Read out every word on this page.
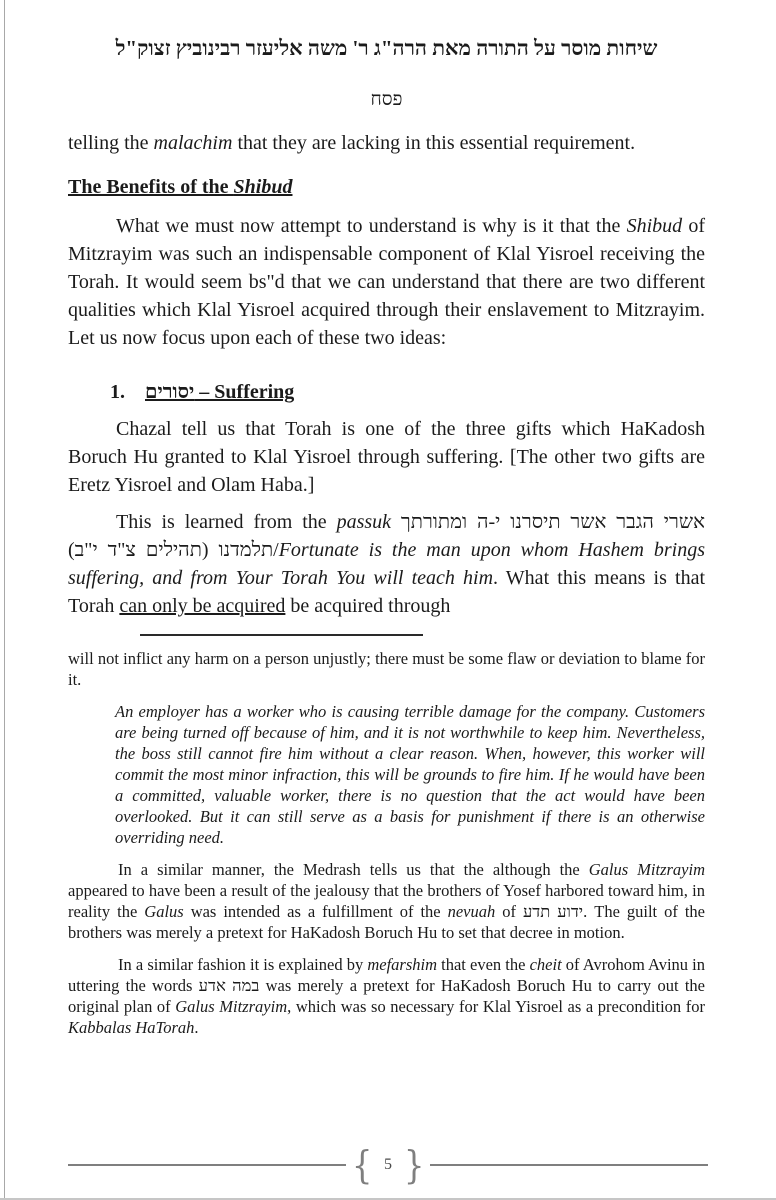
שיחות מוסר על התורה מאת הרה"ג ר' משה אליעזר רבינוביץ זצוק"ל
פסח

telling the malachim that they are lacking in this essential requirement.

The Benefits of the Shibud

What we must now attempt to understand is why is it that the Shibud of Mitzrayim was such an indispensable component of Klal Yisroel receiving the Torah. It would seem bs"d that we can understand that there are two different qualities which Klal Yisroel acquired through their enslavement to Mitzrayim. Let us now focus upon each of these two ideas:

1. יסורים – Suffering

Chazal tell us that Torah is one of the three gifts which HaKadosh Boruch Hu granted to Klal Yisroel through suffering. [The other two gifts are Eretz Yisroel and Olam Haba.]

This is learned from the passuk אשרי הגבר אשר תיסרנו י-ה ומתורתך תלמדנו (תהילים צ"ד י"ב)/Fortunate is the man upon whom Hashem brings suffering, and from Your Torah You will teach him. What this means is that Torah can only be acquired be acquired through

will not inflict any harm on a person unjustly; there must be some flaw or deviation to blame for it.

An employer has a worker who is causing terrible damage for the company. Customers are being turned off because of him, and it is not worthwhile to keep him. Nevertheless, the boss still cannot fire him without a clear reason. When, however, this worker will commit the most minor infraction, this will be grounds to fire him. If he would have been a committed, valuable worker, there is no question that the act would have been overlooked. But it can still serve as a basis for punishment if there is an otherwise overriding need.

In a similar manner, the Medrash tells us that the although the Galus Mitzrayim appeared to have been a result of the jealousy that the brothers of Yosef harbored toward him, in reality the Galus was intended as a fulfillment of the nevuah of ידוע תדע. The guilt of the brothers was merely a pretext for HaKadosh Boruch Hu to set that decree in motion.

In a similar fashion it is explained by mefarshim that even the cheit of Avrohom Avinu in uttering the words במה אדע was merely a pretext for HaKadosh Boruch Hu to carry out the original plan of Galus Mitzrayim, which was so necessary for Klal Yisroel as a precondition for Kabbalas HaTorah.

{ 5 }
